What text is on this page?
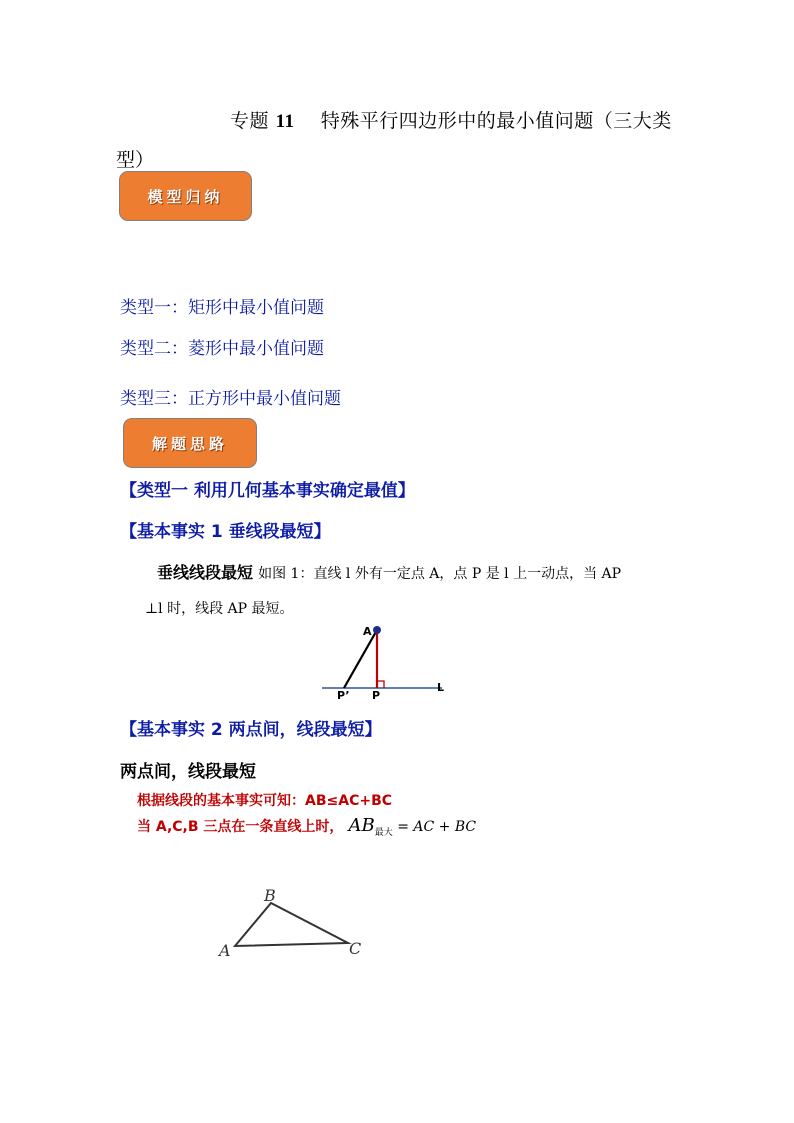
专题 11 特殊平行四边形中的最小值问题（三大类
型）
模型归纳
类型一：矩形中最小值问题
类型二：菱形中最小值问题
类型三：正方形中最小值问题
解题思路
【类型一 利用几何基本事实确定最值】
【基本事实 1 垂线段最短】
垂线线段最短 如图 1：直线 l 外有一定点 A，点 P 是 l 上一动点，当 AP
⊥l 时，线段 AP 最短。
A
P’ P
L
【基本事实 2 两点间，线段最短】
两点间，线段最短
根据线段的基本事实可知：AB≤AC+BC
当 A,C,B 三点在一条直线上时， $AB_{最大}$ = AC + BC
A
B
C
